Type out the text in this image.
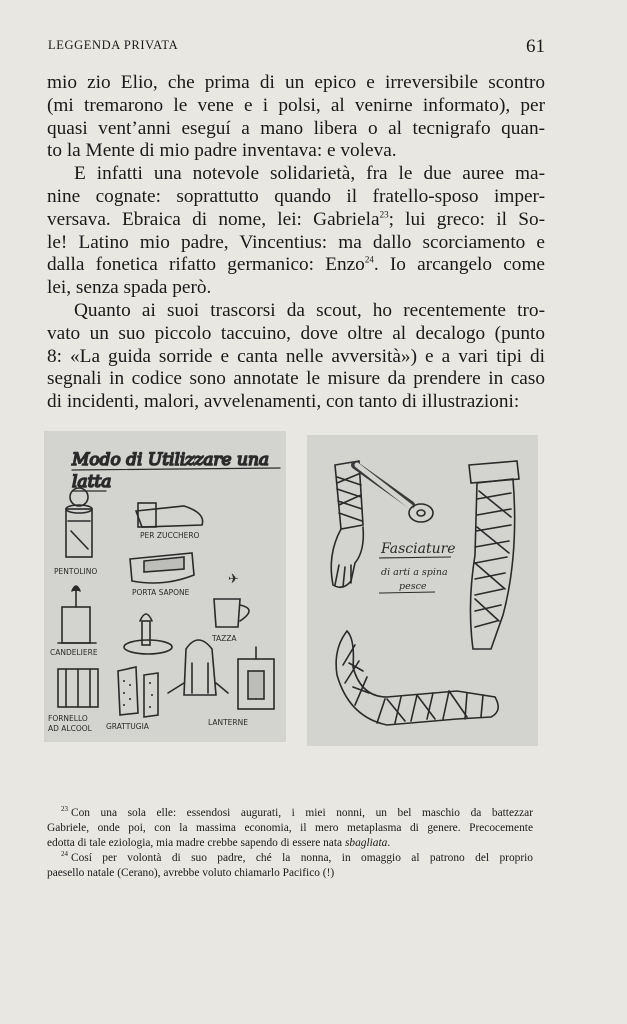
LEGGENDA PRIVATA	61
mio zio Elio, che prima di un epico e irreversibile scontro
(mi tremarono le vene e i polsi, al venirne informato), per
quasi vent’anni eseguí a mano libera o al tecnigrafo quan-
to la Mente di mio padre inventava: e voleva.
E infatti una notevole solidarietà, fra le due auree ma-
nine cognate: soprattutto quando il fratello-sposo imper-
versava. Ebraica di nome, lei: Gabriela$^{23}$; lui greco: il So-
le! Latino mio padre, Vincentius: ma dallo scorciamento e
dalla fonetica rifatto germanico: Enzo$^{24}$. Io arcangelo come
lei, senza spada però.
Quanto ai suoi trascorsi da scout, ho recentemente tro-
vato un suo piccolo taccuino, dove oltre al decalogo (punto
8: «La guida sorride e canta nelle avversità») e a vari tipi di
segnali in codice sono annotate le misure da prendere in caso
di incidenti, malori, avvelenamenti, con tanto di illustrazioni:
Modo di Utilizzare una
latta
✈
PER ZUCCHERO
PENTOLINO
PORTA SAPONE
CANDELIERE
TAZZA
FORNELLO
AD ALCOOL GRATTUGIA	LANTERNE
Fasciature
di arti a spina
pesce
$^{23}$ Con una sola elle: essendosi augurati, i miei nonni, un bel maschio da battezzar
Gabriele, onde poi, con la massima economia, il mero metaplasma di genere. Precocemente
edotta di tale eziologia, mia madre crebbe sapendo di essere nata sbagliata.
$^{24}$ Cosí per volontà di suo padre, ché la nonna, in omaggio al patrono del proprio
paesello natale (Cerano), avrebbe voluto chiamarlo Pacifico (!)
